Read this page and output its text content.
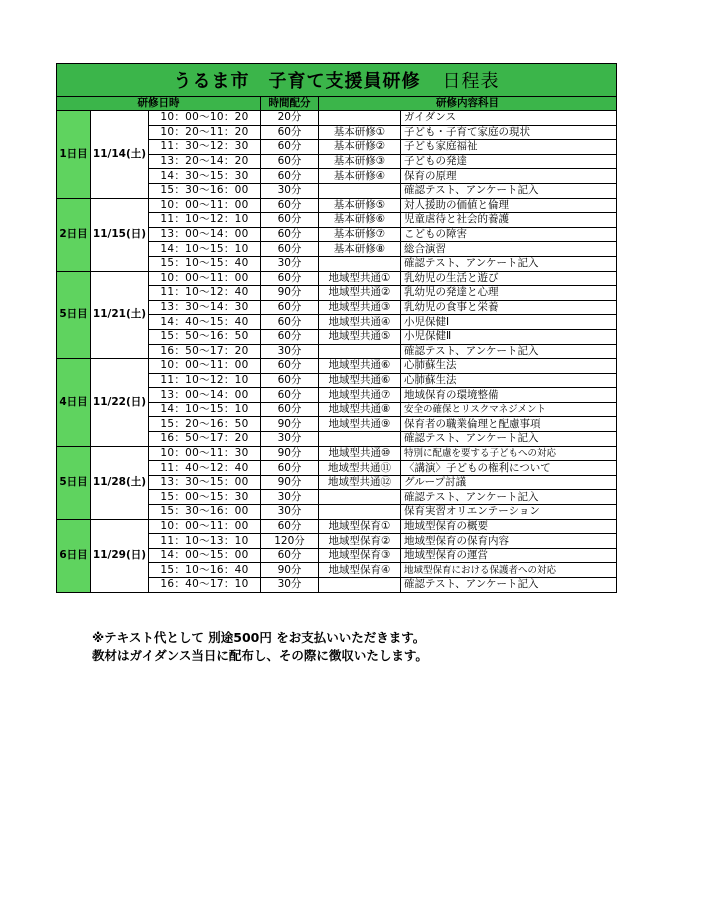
うるま市　子育て支援員研修 日程表					
研修日時			時間配分	研修内容科目	
1日目	11/14(土)	10：00～10：20	20分		ガイダンス
		10：20～11：20	60分	基本研修①	子ども・子育て家庭の現状
		11：30～12：30	60分	基本研修②	子ども家庭福祉
		13：20～14：20	60分	基本研修③	子どもの発達
		14：30～15：30	60分	基本研修④	保育の原理
		15：30～16：00	30分		確認テスト、アンケート記入
2日目	11/15(日)	10：00～11：00	60分	基本研修⑤	対人援助の価値と倫理
		11：10～12：10	60分	基本研修⑥	児童虐待と社会的養護
		13：00～14：00	60分	基本研修⑦	こどもの障害
		14：10～15：10	60分	基本研修⑧	総合演習
		15：10～15：40	30分		確認テスト、アンケート記入
5日目	11/21(土)	10：00～11：00	60分	地域型共通①	乳幼児の生活と遊び
		11：10～12：40	90分	地域型共通②	乳幼児の発達と心理
		13：30～14：30	60分	地域型共通③	乳幼児の食事と栄養
		14：40～15：40	60分	地域型共通④	小児保健Ⅰ
		15：50～16：50	60分	地域型共通⑤	小児保健Ⅱ
		16：50～17：20	30分		確認テスト、アンケート記入
4日目	11/22(日)	10：00～11：00	60分	地域型共通⑥	心肺蘇生法
		11：10～12：10	60分	地域型共通⑥	心肺蘇生法
		13：00～14：00	60分	地域型共通⑦	地域保育の環境整備
		14：10～15：10	60分	地域型共通⑧	安全の確保とリスクマネジメント
		15：20～16：50	90分	地域型共通⑨	保育者の職業倫理と配慮事項
		16：50～17：20	30分		確認テスト、アンケート記入
5日目	11/28(土)	10：00～11：30	90分	地域型共通⑩	特別に配慮を要する子どもへの対応
		11：40～12：40	60分	地域型共通⑪	〈講演〉子どもの権利について
		13：30～15：00	90分	地域型共通⑫	グループ討議
		15：00～15：30	30分		確認テスト、アンケート記入
		15：30～16：00	30分		保育実習オリエンテーション
6日目	11/29(日)	10：00～11：00	60分	地域型保育①	地域型保育の概要
		11：10～13：10	120分	地域型保育②	地域型保育の保育内容
		14：00～15：00	60分	地域型保育③	地域型保育の運営
		15：10～16：40	90分	地域型保育④	地域型保育における保護者への対応
		16：40～17：10	30分		確認テスト、アンケート記入
※テキスト代として 別途500円 をお支払いいただきます。
教材はガイダンス当日に配布し、その際に徴収いたします。
